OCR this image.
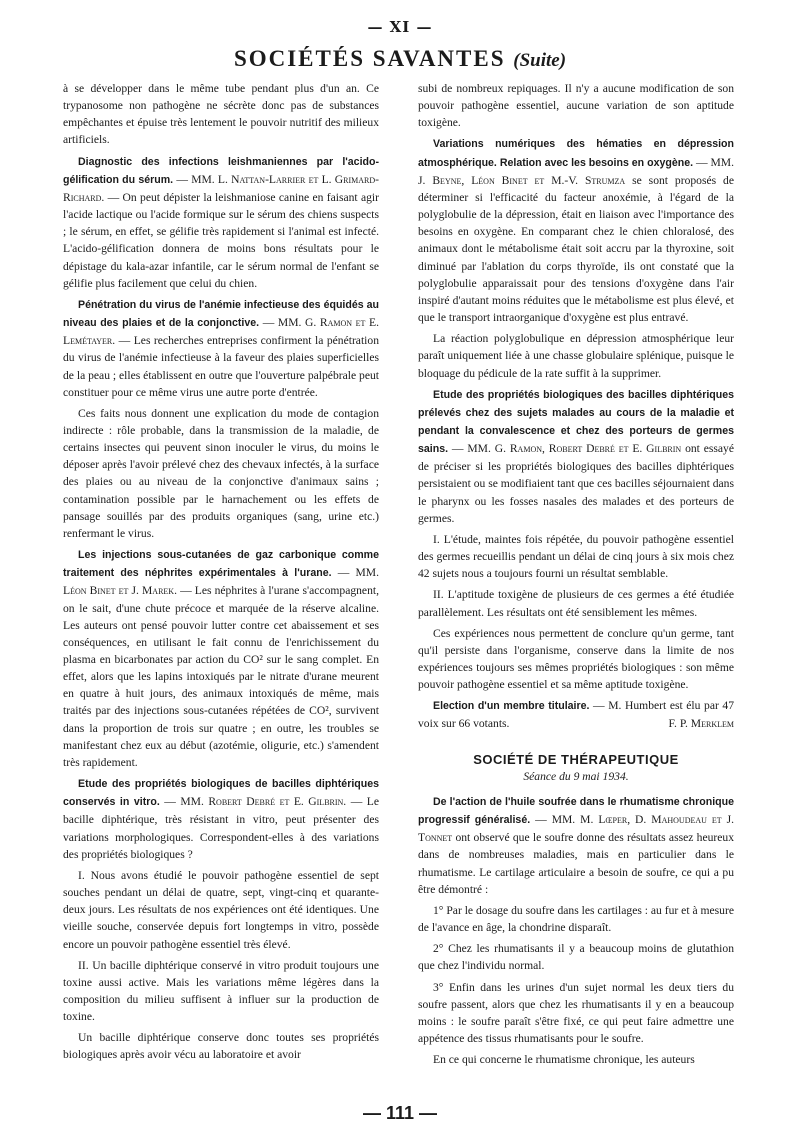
— XI —
SOCIÉTÉS SAVANTES (Suite)

à se développer dans le même tube pendant plus d'un an. Ce trypanosome non pathogène ne sécrète donc pas de substances empêchantes et épuise très lentement le pouvoir nutritif des milieux artificiels.

Diagnostic des infections leishmaniennes par l'acido-gélification du sérum. — MM. L. Nattan-Larrier et L. Grimard-Richard. — On peut dépister la leishmaniose canine en faisant agir l'acide lactique ou l'acide formique sur le sérum des chiens suspects ; le sérum, en effet, se gélifie très rapidement si l'animal est infecté. L'acido-gélification donnera de moins bons résultats pour le dépistage du kala-azar infantile, car le sérum normal de l'enfant se gélifie plus facilement que celui du chien.

Pénétration du virus de l'anémie infectieuse des équidés au niveau des plaies et de la conjonctive. — MM. G. Ramon et E. Lemétayer. — Les recherches entreprises confirment la pénétration du virus de l'anémie infectieuse à la faveur des plaies superficielles de la peau ; elles établissent en outre que l'ouverture palpébrale peut constituer pour ce même virus une autre porte d'entrée.

Ces faits nous donnent une explication du mode de contagion indirecte : rôle probable, dans la transmission de la maladie, de certains insectes qui peuvent sinon inoculer le virus, du moins le déposer après l'avoir prélevé chez des chevaux infectés, à la surface des plaies ou au niveau de la conjonctive d'animaux sains ; contamination possible par le harnachement ou les effets de pansage souillés par des produits organiques (sang, urine etc.) renfermant le virus.

Les injections sous-cutanées de gaz carbonique comme traitement des néphrites expérimentales à l'urane. — MM. Léon Binet et J. Marek. — Les néphrites à l'urane s'accompagnent, on le sait, d'une chute précoce et marquée de la réserve alcaline. Les auteurs ont pensé pouvoir lutter contre cet abaissement et ses conséquences, en utilisant le fait connu de l'enrichissement du plasma en bicarbonates par action du CO² sur le sang complet. En effet, alors que les lapins intoxiqués par le nitrate d'urane meurent en quatre à huit jours, des animaux intoxiqués de même, mais traités par des injections sous-cutanées répétées de CO², survivent dans la proportion de trois sur quatre ; en outre, les troubles se manifestant chez eux au début (azotémie, oligurie, etc.) s'amendent très rapidement.

Etude des propriétés biologiques de bacilles diphtériques conservés in vitro. — MM. Robert Debré et E. Gilbrin. — Le bacille diphtérique, très résistant in vitro, peut présenter des variations morphologiques. Correspondent-elles à des variations des propriétés biologiques ?

I. Nous avons étudié le pouvoir pathogène essentiel de sept souches pendant un délai de quatre, sept, vingt-cinq et quarante-deux jours. Les résultats de nos expériences ont été identiques. Une vieille souche, conservée depuis fort longtemps in vitro, possède encore un pouvoir pathogène essentiel très élevé.

II. Un bacille diphtérique conservé in vitro produit toujours une toxine aussi active. Mais les variations même légères dans la composition du milieu suffisent à influer sur la production de toxine.

Un bacille diphtérique conserve donc toutes ses propriétés biologiques après avoir vécu au laboratoire et avoir

subi de nombreux repiquages. Il n'y a aucune modification de son pouvoir pathogène essentiel, aucune variation de son aptitude toxigène.

Variations numériques des hématies en dépression atmosphérique. Relation avec les besoins en oxygène. — MM. J. Beyne, Léon Binet et M.-V. Strumza se sont proposés de déterminer si l'efficacité du facteur anoxémie, à l'égard de la polyglobulie de la dépression, était en liaison avec l'importance des besoins en oxygène. En comparant chez le chien chloralosé, des animaux dont le métabolisme était soit accru par la thyroxine, soit diminué par l'ablation du corps thyroïde, ils ont constaté que la polyglobulie apparaissait pour des tensions d'oxygène dans l'air inspiré d'autant moins réduites que le métabolisme est plus élevé, et que le transport intraorganique d'oxygène est plus entravé.

La réaction polyglobulique en dépression atmosphérique leur paraît uniquement liée à une chasse globulaire splénique, puisque le bloquage du pédicule de la rate suffit à la supprimer.

Etude des propriétés biologiques des bacilles diphtériques prélevés chez des sujets malades au cours de la maladie et pendant la convalescence et chez des porteurs de germes sains. — MM. G. Ramon, Robert Debré et E. Gilbrin ont essayé de préciser si les propriétés biologiques des bacilles diphtériques persistaient ou se modifiaient tant que ces bacilles séjournaient dans le pharynx ou les fosses nasales des malades et des porteurs de germes.

I. L'étude, maintes fois répétée, du pouvoir pathogène essentiel des germes recueillis pendant un délai de cinq jours à six mois chez 42 sujets nous a toujours fourni un résultat semblable.

II. L'aptitude toxigène de plusieurs de ces germes a été étudiée parallèlement. Les résultats ont été sensiblement les mêmes.

Ces expériences nous permettent de conclure qu'un germe, tant qu'il persiste dans l'organisme, conserve dans la limite de nos expériences toujours ses mêmes propriétés biologiques : son même pouvoir pathogène essentiel et sa même aptitude toxigène.

Election d'un membre titulaire. — M. Humbert est élu par 47 voix sur 66 votants.	F. P. Merklem

SOCIÉTÉ DE THÉRAPEUTIQUE

Séance du 9 mai 1934.

De l'action de l'huile soufrée dans le rhumatisme chronique progressif généralisé. — MM. M. Lœper, D. Mahoudeau et J. Tonnet ont observé que le soufre donne des résultats assez heureux dans de nombreuses maladies, mais en particulier dans le rhumatisme. Le cartilage articulaire a besoin de soufre, ce qui a pu être démontré :

1° Par le dosage du soufre dans les cartilages : au fur et à mesure de l'avance en âge, la chondrine disparaît.

2° Chez les rhumatisants il y a beaucoup moins de glutathion que chez l'individu normal.

3° Enfin dans les urines d'un sujet normal les deux tiers du soufre passent, alors que chez les rhumatisants il y en a beaucoup moins : le soufre paraît s'être fixé, ce qui peut faire admettre une appétence des tissus rhumatisants pour le soufre.

En ce qui concerne le rhumatisme chronique, les auteurs

— 111 —
